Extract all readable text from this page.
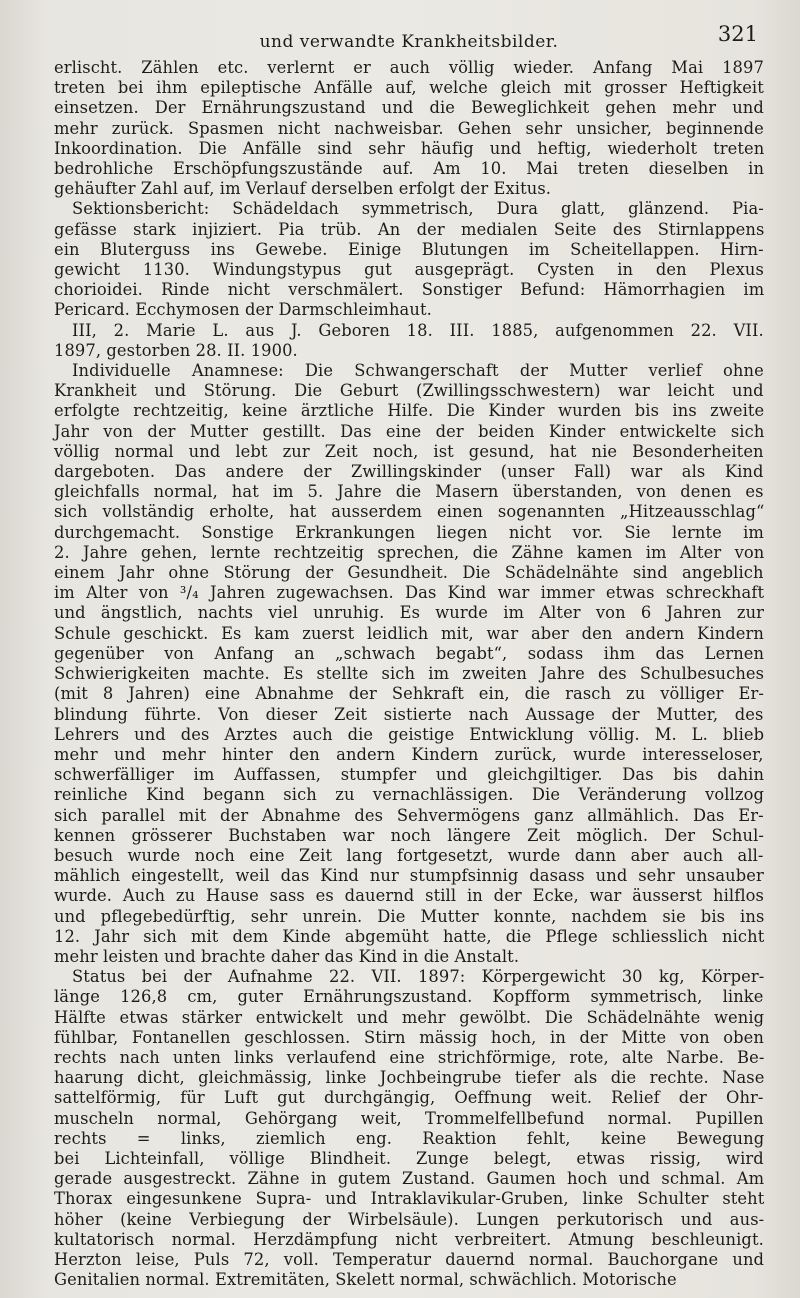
und verwandte Krankheitsbilder.	321
erlischt. Zählen etc. verlernt er auch völlig wieder. Anfang Mai 1897
treten bei ihm epileptische Anfälle auf, welche gleich mit grosser Heftigkeit
einsetzen. Der Ernährungszustand und die Beweglichkeit gehen mehr und
mehr zurück. Spasmen nicht nachweisbar. Gehen sehr unsicher, beginnende
Inkoordination. Die Anfälle sind sehr häufig und heftig, wiederholt treten
bedrohliche Erschöpfungszustände auf. Am 10. Mai treten dieselben in
gehäufter Zahl auf, im Verlauf derselben erfolgt der Exitus.
Sektionsbericht: Schädeldach symmetrisch, Dura glatt, glänzend. Pia-
gefässe stark injiziert. Pia trüb. An der medialen Seite des Stirnlappens
ein Bluterguss ins Gewebe. Einige Blutungen im Scheitellappen. Hirn-
gewicht 1130. Windungstypus gut ausgeprägt. Cysten in den Plexus
chorioidei. Rinde nicht verschmälert. Sonstiger Befund: Hämorrhagien im
Pericard. Ecchymosen der Darmschleimhaut.
III, 2. Marie L. aus J. Geboren 18. III. 1885, aufgenommen 22. VII.
1897, gestorben 28. II. 1900.
Individuelle Anamnese: Die Schwangerschaft der Mutter verlief ohne
Krankheit und Störung. Die Geburt (Zwillingsschwestern) war leicht und
erfolgte rechtzeitig, keine ärztliche Hilfe. Die Kinder wurden bis ins zweite
Jahr von der Mutter gestillt. Das eine der beiden Kinder entwickelte sich
völlig normal und lebt zur Zeit noch, ist gesund, hat nie Besonderheiten
dargeboten. Das andere der Zwillingskinder (unser Fall) war als Kind
gleichfalls normal, hat im 5. Jahre die Masern überstanden, von denen es
sich vollständig erholte, hat ausserdem einen sogenannten „Hitzeausschlag“
durchgemacht. Sonstige Erkrankungen liegen nicht vor. Sie lernte im
2. Jahre gehen, lernte rechtzeitig sprechen, die Zähne kamen im Alter von
einem Jahr ohne Störung der Gesundheit. Die Schädelnähte sind angeblich
im Alter von ³/₄ Jahren zugewachsen. Das Kind war immer etwas schreckhaft
und ängstlich, nachts viel unruhig. Es wurde im Alter von 6 Jahren zur
Schule geschickt. Es kam zuerst leidlich mit, war aber den andern Kindern
gegenüber von Anfang an „schwach begabt“, sodass ihm das Lernen
Schwierigkeiten machte. Es stellte sich im zweiten Jahre des Schulbesuches
(mit 8 Jahren) eine Abnahme der Sehkraft ein, die rasch zu völliger Er-
blindung führte. Von dieser Zeit sistierte nach Aussage der Mutter, des
Lehrers und des Arztes auch die geistige Entwicklung völlig. M. L. blieb
mehr und mehr hinter den andern Kindern zurück, wurde interesseloser,
schwerfälliger im Auffassen, stumpfer und gleichgiltiger. Das bis dahin
reinliche Kind begann sich zu vernachlässigen. Die Veränderung vollzog
sich parallel mit der Abnahme des Sehvermögens ganz allmählich. Das Er-
kennen grösserer Buchstaben war noch längere Zeit möglich. Der Schul-
besuch wurde noch eine Zeit lang fortgesetzt, wurde dann aber auch all-
mählich eingestellt, weil das Kind nur stumpfsinnig dasass und sehr unsauber
wurde. Auch zu Hause sass es dauernd still in der Ecke, war äusserst hilflos
und pflegebedürftig, sehr unrein. Die Mutter konnte, nachdem sie bis ins
12. Jahr sich mit dem Kinde abgemüht hatte, die Pflege schliesslich nicht
mehr leisten und brachte daher das Kind in die Anstalt.
Status bei der Aufnahme 22. VII. 1897: Körpergewicht 30 kg, Körper-
länge 126,8 cm, guter Ernährungszustand. Kopfform symmetrisch, linke
Hälfte etwas stärker entwickelt und mehr gewölbt. Die Schädelnähte wenig
fühlbar, Fontanellen geschlossen. Stirn mässig hoch, in der Mitte von oben
rechts nach unten links verlaufend eine strichförmige, rote, alte Narbe. Be-
haarung dicht, gleichmässig, linke Jochbeingrube tiefer als die rechte. Nase
sattelförmig, für Luft gut durchgängig, Oeffnung weit. Relief der Ohr-
muscheln normal, Gehörgang weit, Trommelfellbefund normal. Pupillen
rechts = links, ziemlich eng. Reaktion fehlt, keine Bewegung
bei Lichteinfall, völlige Blindheit. Zunge belegt, etwas rissig, wird
gerade ausgestreckt. Zähne in gutem Zustand. Gaumen hoch und schmal. Am
Thorax eingesunkene Supra- und Intraklavikular-Gruben, linke Schulter steht
höher (keine Verbiegung der Wirbelsäule). Lungen perkutorisch und aus-
kultatorisch normal. Herzdämpfung nicht verbreitert. Atmung beschleunigt.
Herzton leise, Puls 72, voll. Temperatur dauernd normal. Bauchorgane und
Genitalien normal. Extremitäten, Skelett normal, schwächlich. Motorische
